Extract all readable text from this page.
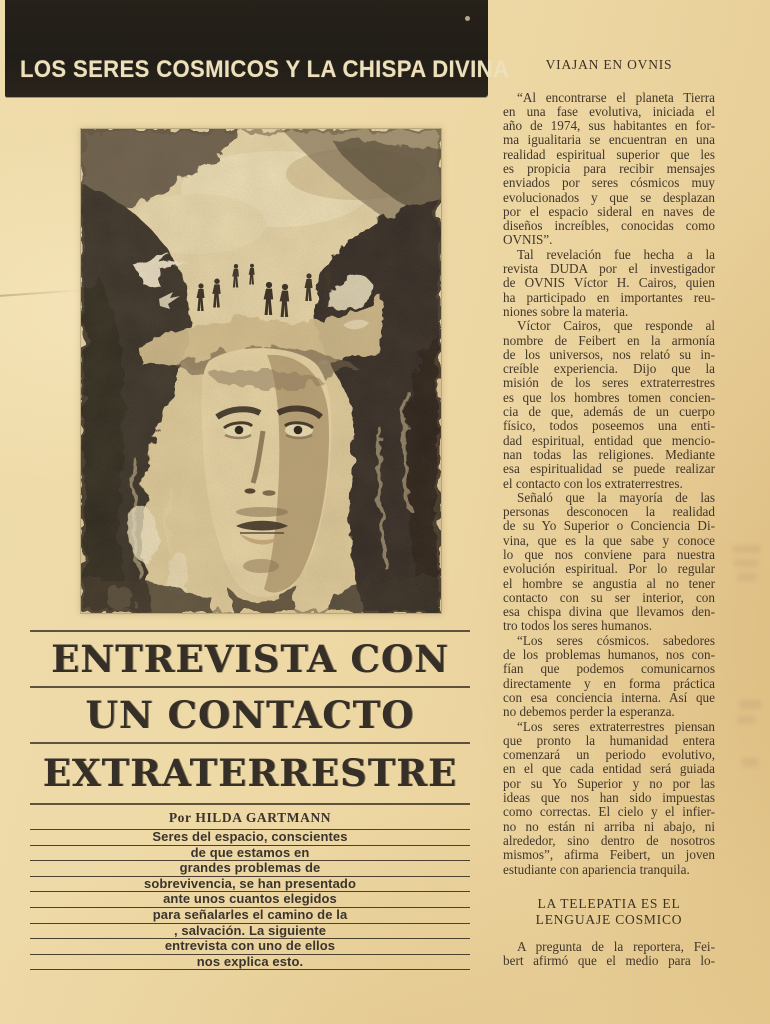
LOS SERES COSMICOS Y LA CHISPA DIVINA
ENTREVISTA CON
UN CONTACTO
EXTRATERRESTRE
Por HILDA GARTMANN
Seres del espacio, conscientes
de que estamos en
grandes problemas de
sobrevivencia, se han presentado
ante unos cuantos elegidos
para señalarles el camino de la
, salvación. La siguiente
entrevista con uno de ellos
nos explica esto.
VIAJAN EN OVNIS
“Al encontrarse el planeta Tierra
en una fase evolutiva, iniciada el
año de 1974, sus habitantes en for-
ma igualitaria se encuentran en una
realidad espiritual superior que les
es propicia para recibir mensajes
enviados por seres cósmicos muy
evolucionados y que se desplazan
por el espacio sideral en naves de
diseños increíbles, conocidas como
OVNIS”.
Tal revelación fue hecha a la
revista DUDA por el investigador
de OVNIS Víctor H. Cairos, quien
ha participado en importantes reu-
niones sobre la materia.
Víctor Cairos, que responde al
nombre de Feibert en la armonía
de los universos, nos relató su in-
creíble experiencia. Dijo que la
misión de los seres extraterrestres
es que los hombres tomen concien-
cia de que, además de un cuerpo
físico, todos poseemos una enti-
dad espiritual, entidad que mencio-
nan todas las religiones. Mediante
esa espiritualidad se puede realizar
el contacto con los extraterrestres.
Señaló que la mayoría de las
personas desconocen la realidad
de su Yo Superior o Conciencia Di-
vina, que es la que sabe y conoce
lo que nos conviene para nuestra
evolución espiritual. Por lo regular
el hombre se angustia al no tener
contacto con su ser interior, con
esa chispa divina que llevamos den-
tro todos los seres humanos.
“Los seres cósmicos. sabedores
de los problemas humanos, nos con-
fían que podemos comunicarnos
directamente y en forma práctica
con esa conciencia interna. Así que
no debemos perder la esperanza.
“Los seres extraterrestres piensan
que pronto la humanidad entera
comenzará un periodo evolutivo,
en el que cada entidad será guiada
por su Yo Superior y no por las
ideas que nos han sido impuestas
como correctas. El cielo y el infier-
no no están ni arriba ni abajo, ni
alrededor, sino dentro de nosotros
mismos”, afirma Feibert, un joven
estudiante con apariencia tranquila.
LA TELEPATIA ES EL
LENGUAJE COSMICO
A pregunta de la reportera, Fei-
bert afirmó que el medio para lo-
